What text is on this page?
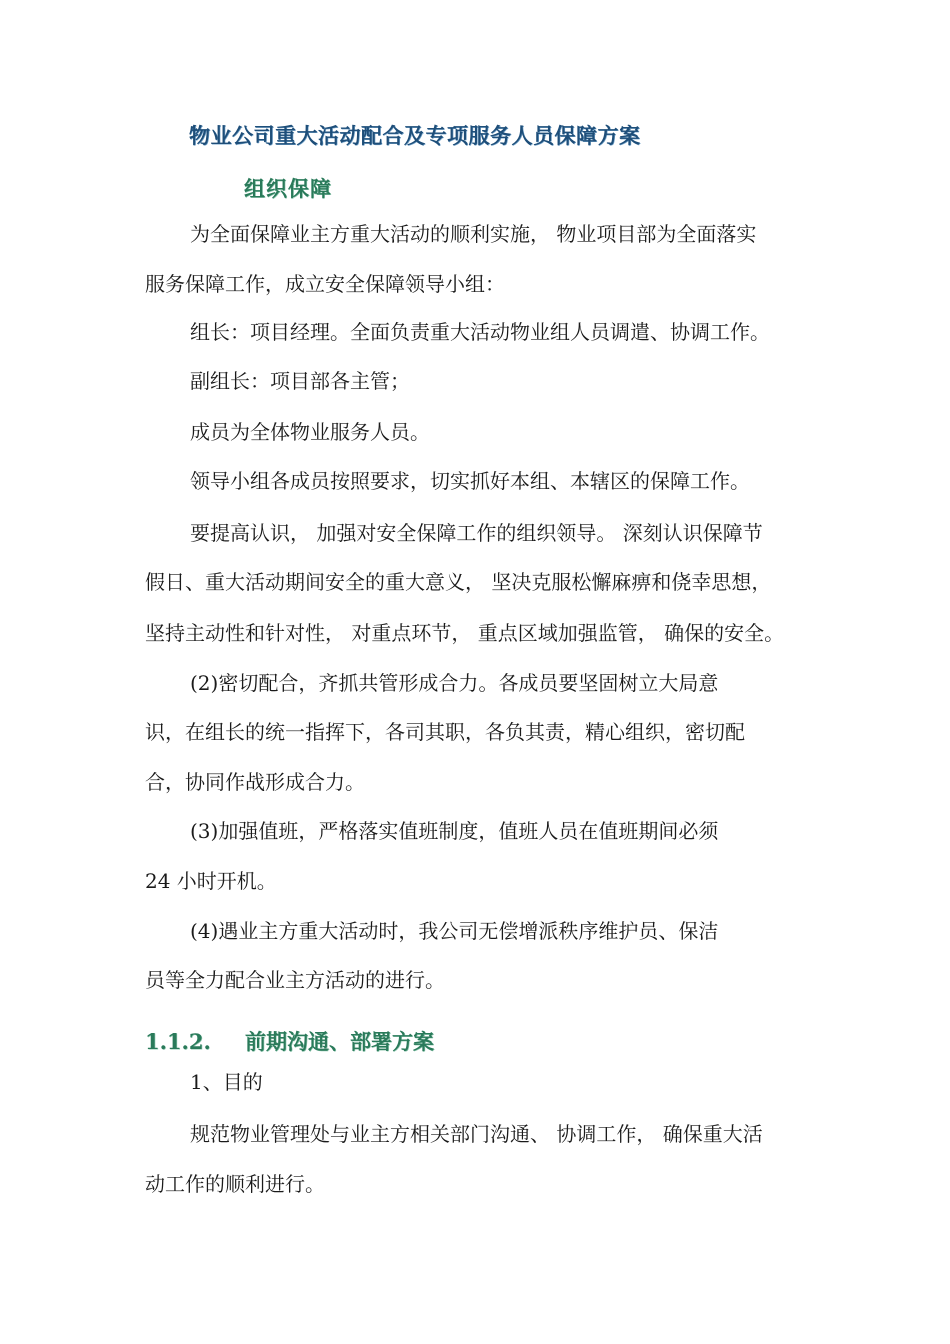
物业公司重大活动配合及专项服务人员保障方案
组织保障
为全面保障业主方重大活动的顺利实施， 物业项目部为全面落实
服务保障工作，成立安全保障领导小组：
组长：项目经理。全面负责重大活动物业组人员调遣、协调工作。
副组长：项目部各主管；
成员为全体物业服务人员。
领导小组各成员按照要求，切实抓好本组、本辖区的保障工作。
要提高认识， 加强对安全保障工作的组织领导。 深刻认识保障节
假日、重大活动期间安全的重大意义， 坚决克服松懈麻痹和侥幸思想，
坚持主动性和针对性， 对重点环节， 重点区域加强监管， 确保的安全。
(2)密切配合，齐抓共管形成合力。各成员要坚固树立大局意
识，在组长的统一指挥下，各司其职，各负其责，精心组织，密切配
合，协同作战形成合力。
(3)加强值班，严格落实值班制度，值班人员在值班期间必须
24 小时开机。
(4)遇业主方重大活动时，我公司无偿增派秩序维护员、保洁
员等全力配合业主方活动的进行。
1.1.2. 前期沟通、部署方案
1、目的
规范物业管理处与业主方相关部门沟通、 协调工作， 确保重大活
动工作的顺利进行。
